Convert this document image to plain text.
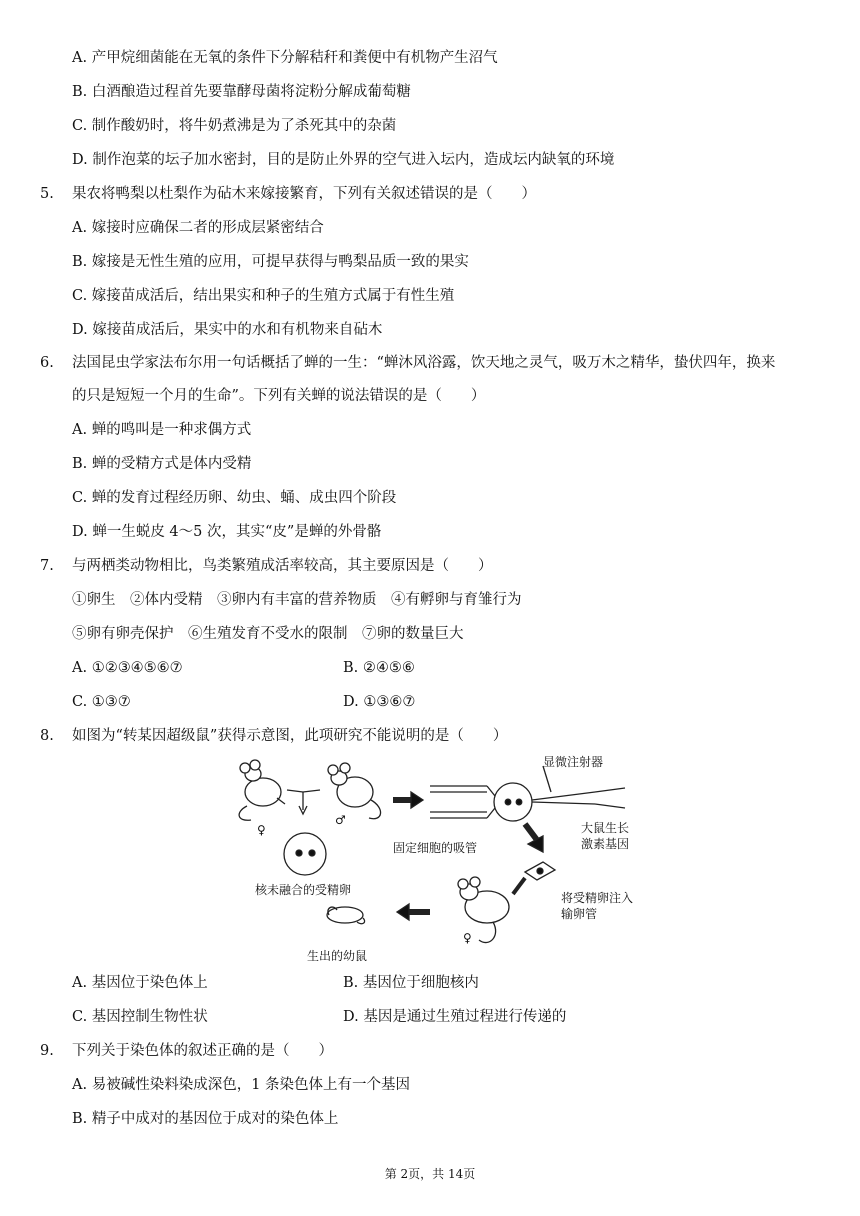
A. 产甲烷细菌能在无氧的条件下分解秸秆和粪便中有机物产生沼气
B. 白酒酿造过程首先要靠酵母菌将淀粉分解成葡萄糖
C. 制作酸奶时，将牛奶煮沸是为了杀死其中的杂菌
D. 制作泡菜的坛子加水密封，目的是防止外界的空气进入坛内，造成坛内缺氧的环境
5. 果农将鸭梨以杜梨作为砧木来嫁接繁育，下列有关叙述错误的是（　　）
A. 嫁接时应确保二者的形成层紧密结合
B. 嫁接是无性生殖的应用，可提早获得与鸭梨品质一致的果实
C. 嫁接苗成活后，结出果实和种子的生殖方式属于有性生殖
D. 嫁接苗成活后，果实中的水和有机物来自砧木
6. 法国昆虫学家法布尔用一句话概括了蝉的一生：“蝉沐风浴露，饮天地之灵气，吸万木之精华，蛰伏四年，换来
的只是短短一个月的生命”。下列有关蝉的说法错误的是（　　）
A. 蝉的鸣叫是一种求偶方式
B. 蝉的受精方式是体内受精
C. 蝉的发育过程经历卵、幼虫、蛹、成虫四个阶段
D. 蝉一生蜕皮 4～5 次，其实“皮”是蝉的外骨骼
7. 与两栖类动物相比，鸟类繁殖成活率较高，其主要原因是（　　）
①卵生　②体内受精　③卵内有丰富的营养物质　④有孵卵与育雏行为
⑤卵有卵壳保护　⑥生殖发育不受水的限制　⑦卵的数量巨大
A. ①②③④⑤⑥⑦	B. ②④⑤⑥
C. ①③⑦	D. ①③⑥⑦
8. 如图为“转某因超级鼠”获得示意图，此项研究不能说明的是（　　）
♀
♂
核未融合的受精卵
固定细胞的吸管
显微注射器
大鼠生长
激素基因
将受精卵注入
输卵管
♀
生出的幼鼠
A. 基因位于染色体上	B. 基因位于细胞核内
C. 基因控制生物性状	D. 基因是通过生殖过程进行传递的
9. 下列关于染色体的叙述正确的是（　　）
A. 易被碱性染料染成深色，1 条染色体上有一个基因
B. 精子中成对的基因位于成对的染色体上
第 2页，共 14页
